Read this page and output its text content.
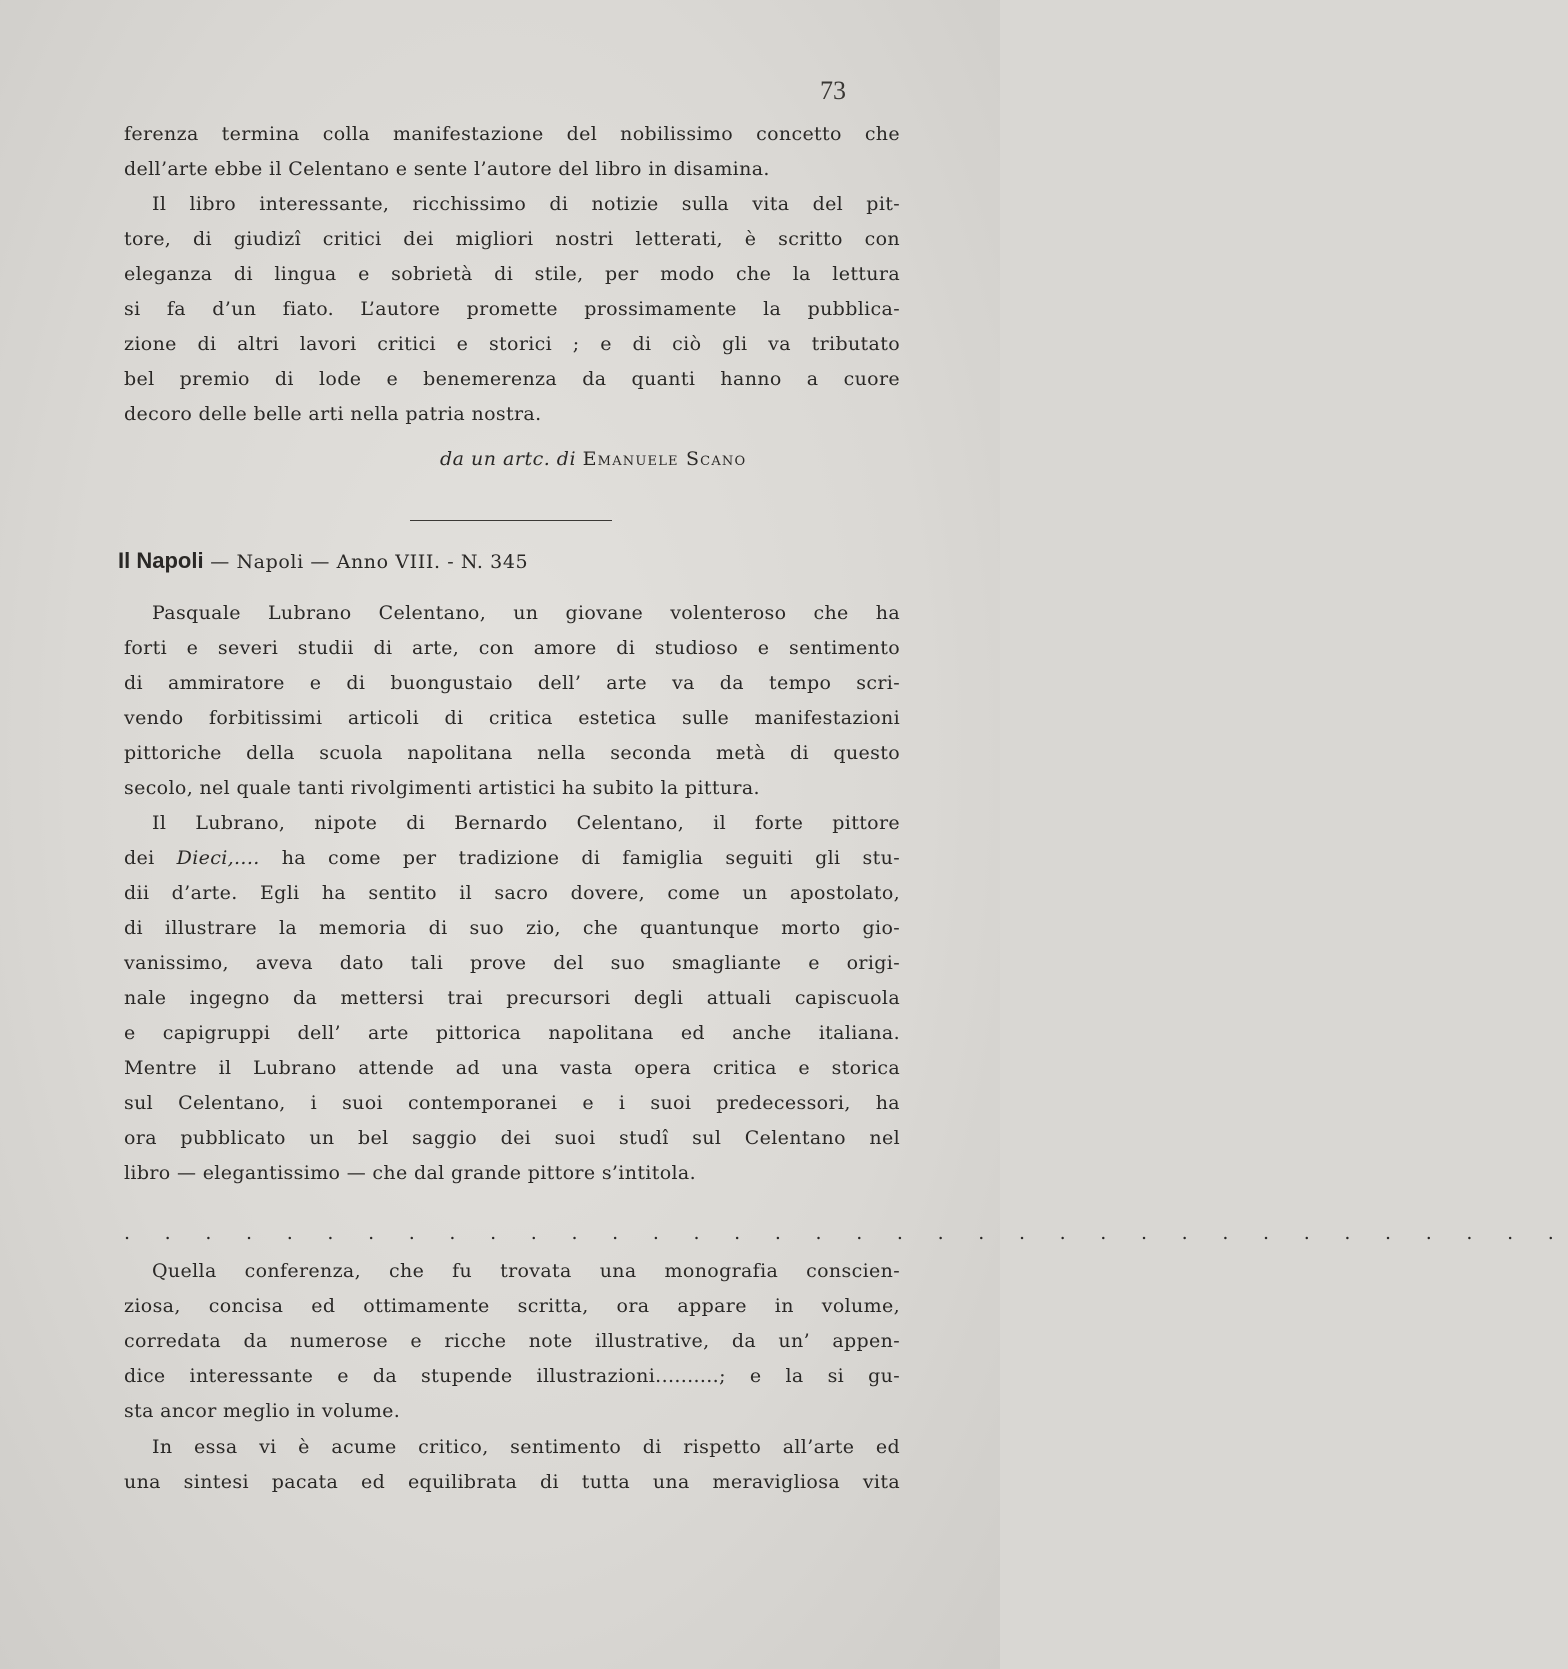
73
ferenza termina colla manifestazione del nobilissimo concetto che
dell’arte ebbe il Celentano e sente l’autore del libro in disamina.
Il libro interessante, ricchissimo di notizie sulla vita del pit-
tore, di giudizî critici dei migliori nostri letterati, è scritto con
eleganza di lingua e sobrietà di stile, per modo che la lettura
si fa d’un fiato. L’autore promette prossimamente la pubblica-
zione di altri lavori critici e storici ; e di ciò gli va tributato
bel premio di lode e benemerenza da quanti hanno a cuore
decoro delle belle arti nella patria nostra.
da un artc. di Emanuele Scano
Il Napoli — Napoli — Anno VIII. - N. 345
Pasquale Lubrano Celentano, un giovane volenteroso che ha
forti e severi studii di arte, con amore di studioso e sentimento
di ammiratore e di buongustaio dell’ arte va da tempo scri-
vendo forbitissimi articoli di critica estetica sulle manifestazioni
pittoriche della scuola napolitana nella seconda metà di questo
secolo, nel quale tanti rivolgimenti artistici ha subito la pittura.
Il Lubrano, nipote di Bernardo Celentano, il forte pittore
dei Dieci,.... ha come per tradizione di famiglia seguiti gli stu-
dii d’arte. Egli ha sentito il sacro dovere, come un apostolato,
di illustrare la memoria di suo zio, che quantunque morto gio-
vanissimo, aveva dato tali prove del suo smagliante e origi-
nale ingegno da mettersi trai precursori degli attuali capiscuola
e capigruppi dell’ arte pittorica napolitana ed anche italiana.
Mentre il Lubrano attende ad una vasta opera critica e storica
sul Celentano, i suoi contemporanei e i suoi predecessori, ha
ora pubblicato un bel saggio dei suoi studî sul Celentano nel
libro — elegantissimo — che dal grande pittore s’intitola.
. . . . . . . . . . . . . . . . . . . . . . . . . . . . . . . . . . . .
Quella conferenza, che fu trovata una monografia conscien-
ziosa, concisa ed ottimamente scritta, ora appare in volume,
corredata da numerose e ricche note illustrative, da un’ appen-
dice interessante e da stupende illustrazioni..........; e la si gu-
sta ancor meglio in volume.
In essa vi è acume critico, sentimento di rispetto all’arte ed
una sintesi pacata ed equilibrata di tutta una meravigliosa vita
